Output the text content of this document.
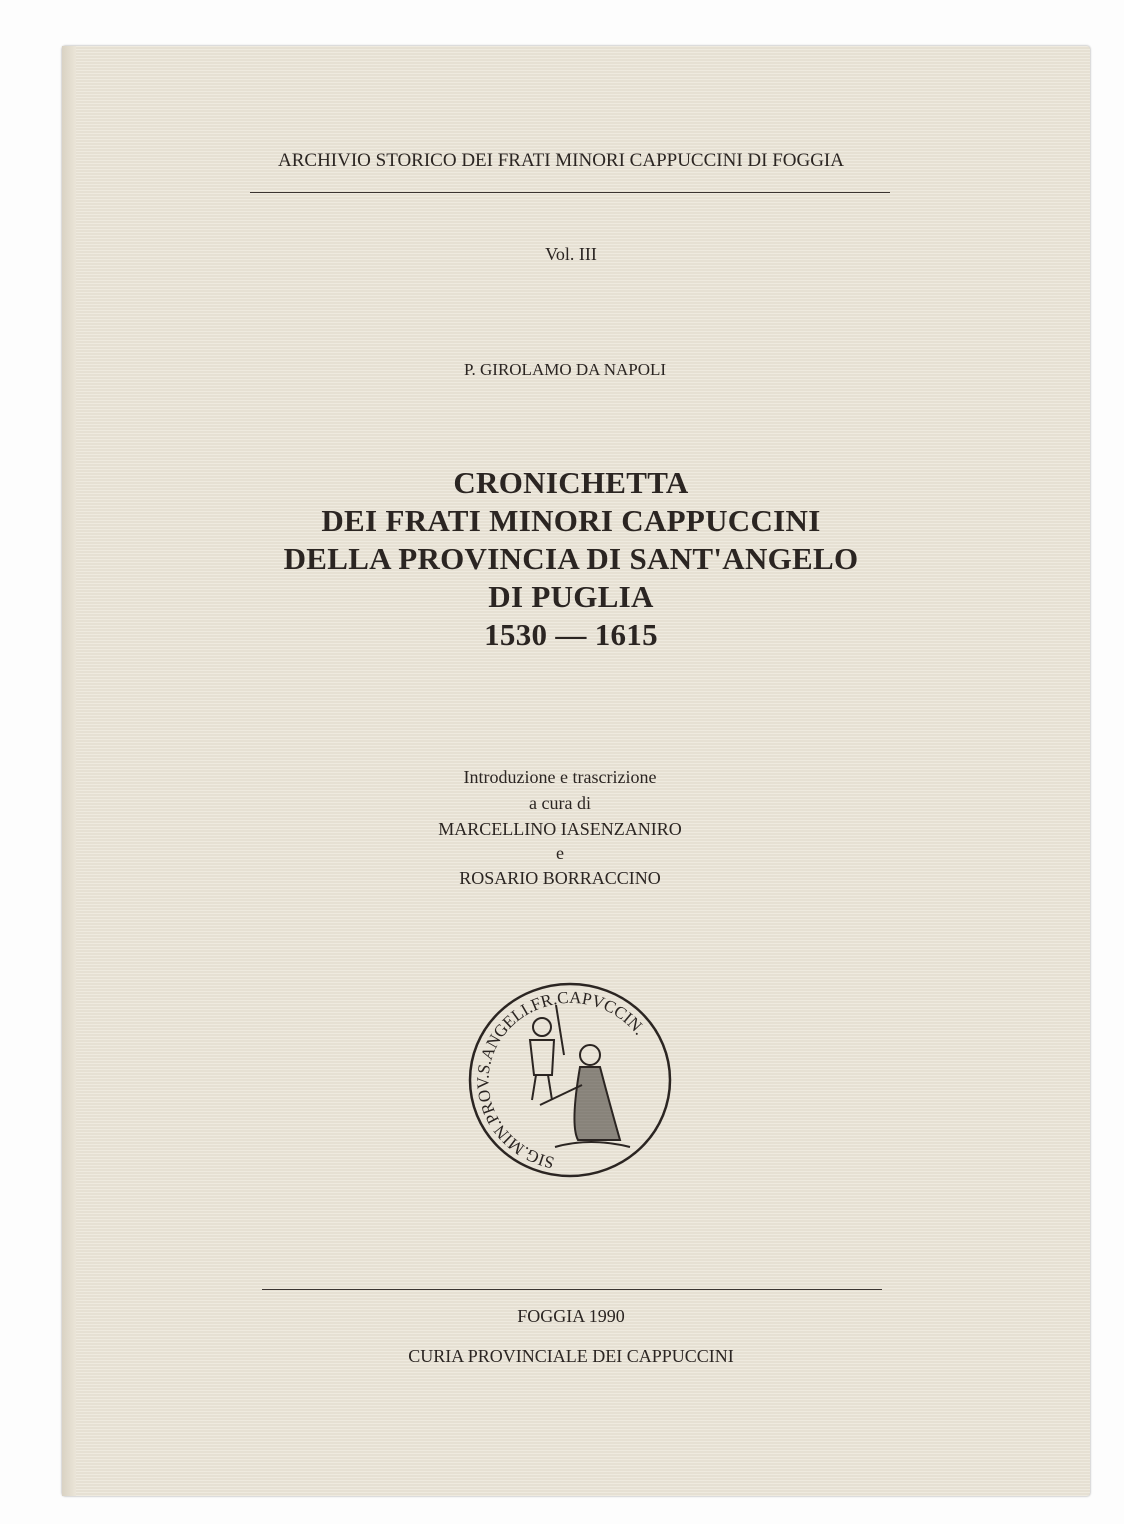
ARCHIVIO STORICO DEI FRATI MINORI CAPPUCCINI DI FOGGIA
Vol. III
P. GIROLAMO DA NAPOLI
CRONICHETTA
DEI FRATI MINORI CAPPUCCINI
DELLA PROVINCIA DI SANT'ANGELO
DI PUGLIA
1530 — 1615
Introduzione e trascrizione
a cura di
MARCELLINO IASENZANIRO
e
ROSARIO BORRACCINO
SIG.MIN.PROV.S.ANGELI.FR.CAPVCCIN.
FOGGIA 1990
CURIA PROVINCIALE DEI CAPPUCCINI
